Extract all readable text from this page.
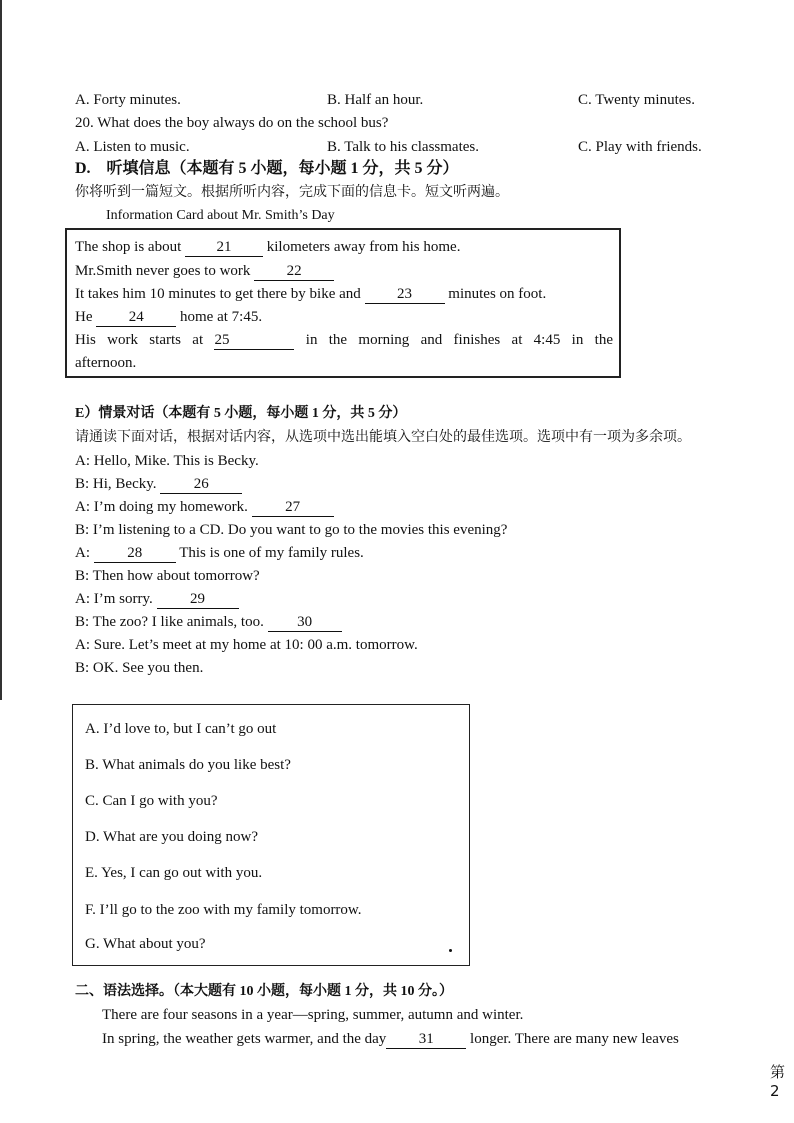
A. Forty minutes.	B. Half an hour.	C. Twenty minutes.
20. What does the boy always do on the school bus?
A. Listen to music.	B. Talk to his classmates.	C. Play with friends.
D.　听填信息（本题有 5 小题，每小题 1 分，共 5 分）
你将听到一篇短文。根据所听内容，完成下面的信息卡。短文听两遍。
Information Card about Mr. Smith’s Day
The shop is about 21 kilometers away from his home.
Mr.Smith never goes to work 22
It takes him 10 minutes to get there by bike and 23 minutes on foot.
He 24 home at 7:45.
His work starts at 25	in the morning and finishes at 4:45 in the
afternoon.
E）情景对话（本题有 5 小题，每小题 1 分，共 5 分）
请通读下面对话，根据对话内容，从选项中选出能填入空白处的最佳选项。选项中有一项为多余项。
A: Hello, Mike. This is Becky.
B: Hi, Becky. 26
A: I’m doing my homework. 27
B: I’m listening to a CD. Do you want to go to the movies this evening?
A: 28 This is one of my family rules.
B: Then how about tomorrow?
A: I’m sorry. 29
B: The zoo? I like animals, too. 30
A: Sure. Let’s meet at my home at 10: 00 a.m. tomorrow.
B: OK. See you then.
A. I’d love to, but I can’t go out
B. What animals do you like best?
C. Can I go with you?
D. What are you doing now?
E. Yes, I can go out with you.
F. I’ll go to the zoo with my family tomorrow.
G. What about you?
二、语法选择。（本大题有 10 小题，每小题 1 分，共 10 分。）
There are four seasons in a year—spring, summer, autumn and winter.
In spring, the weather gets warmer, and the day 31 longer. There are many new leaves
第 2
